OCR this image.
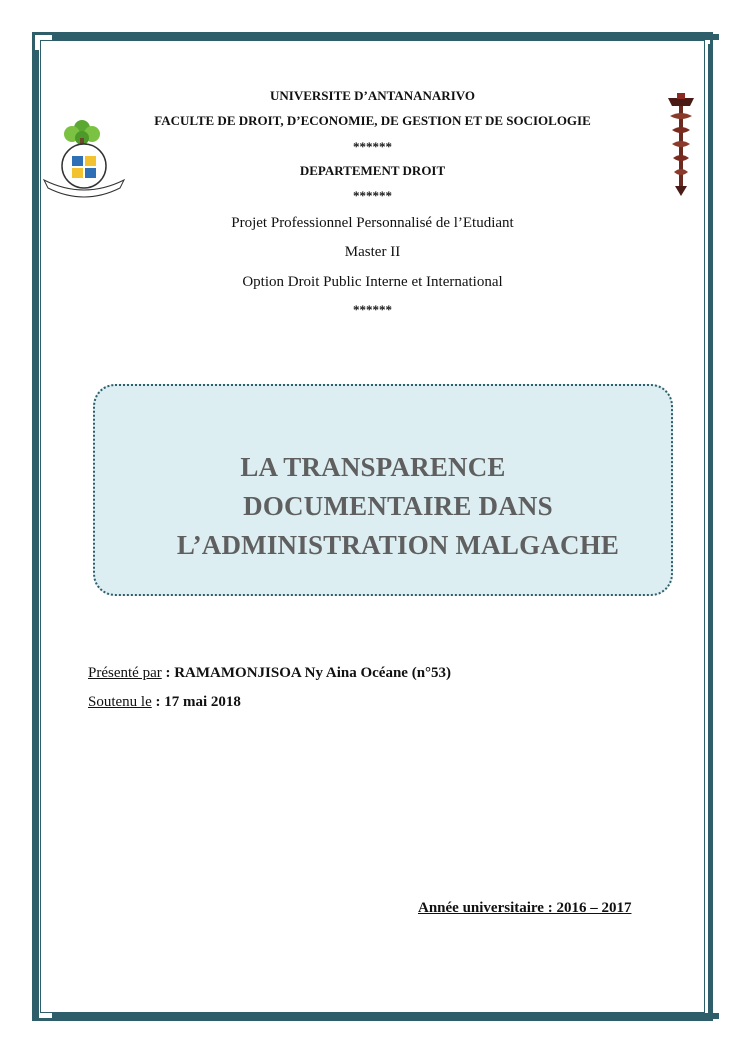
UNIVERSITE D’ANTANANARIVO
FACULTE DE DROIT, D’ECONOMIE, DE GESTION ET DE SOCIOLOGIE
******
DEPARTEMENT DROIT
******
Projet Professionnel Personnalisé de l’Etudiant
Master II
Option Droit Public Interne et International
******
LA TRANSPARENCE
DOCUMENTAIRE DANS
L’ADMINISTRATION MALGACHE
Présenté par : RAMAMONJISOA Ny Aina Océane (n°53)
Soutenu le : 17 mai 2018
Année universitaire : 2016 – 2017
